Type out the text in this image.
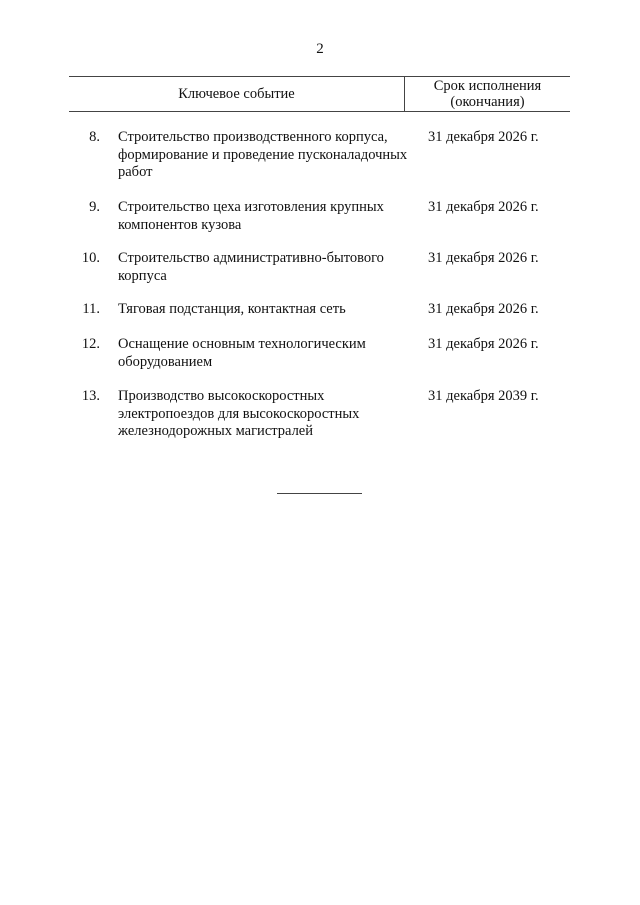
2
Ключевое событие	Срок исполнения
(окончания)
8. Строительство производственного корпуса, формирование и проведение пусконаладочных работ
31 декабря 2026 г.
9. Строительство цеха изготовления крупных компонентов кузова
31 декабря 2026 г.
10. Строительство административно-бытового корпуса
31 декабря 2026 г.
11. Тяговая подстанция, контактная сеть	31 декабря 2026 г.
12. Оснащение основным технологическим оборудованием
31 декабря 2026 г.
13. Производство высокоскоростных электропоездов для высокоскоростных железнодорожных магистралей
31 декабря 2039 г.
